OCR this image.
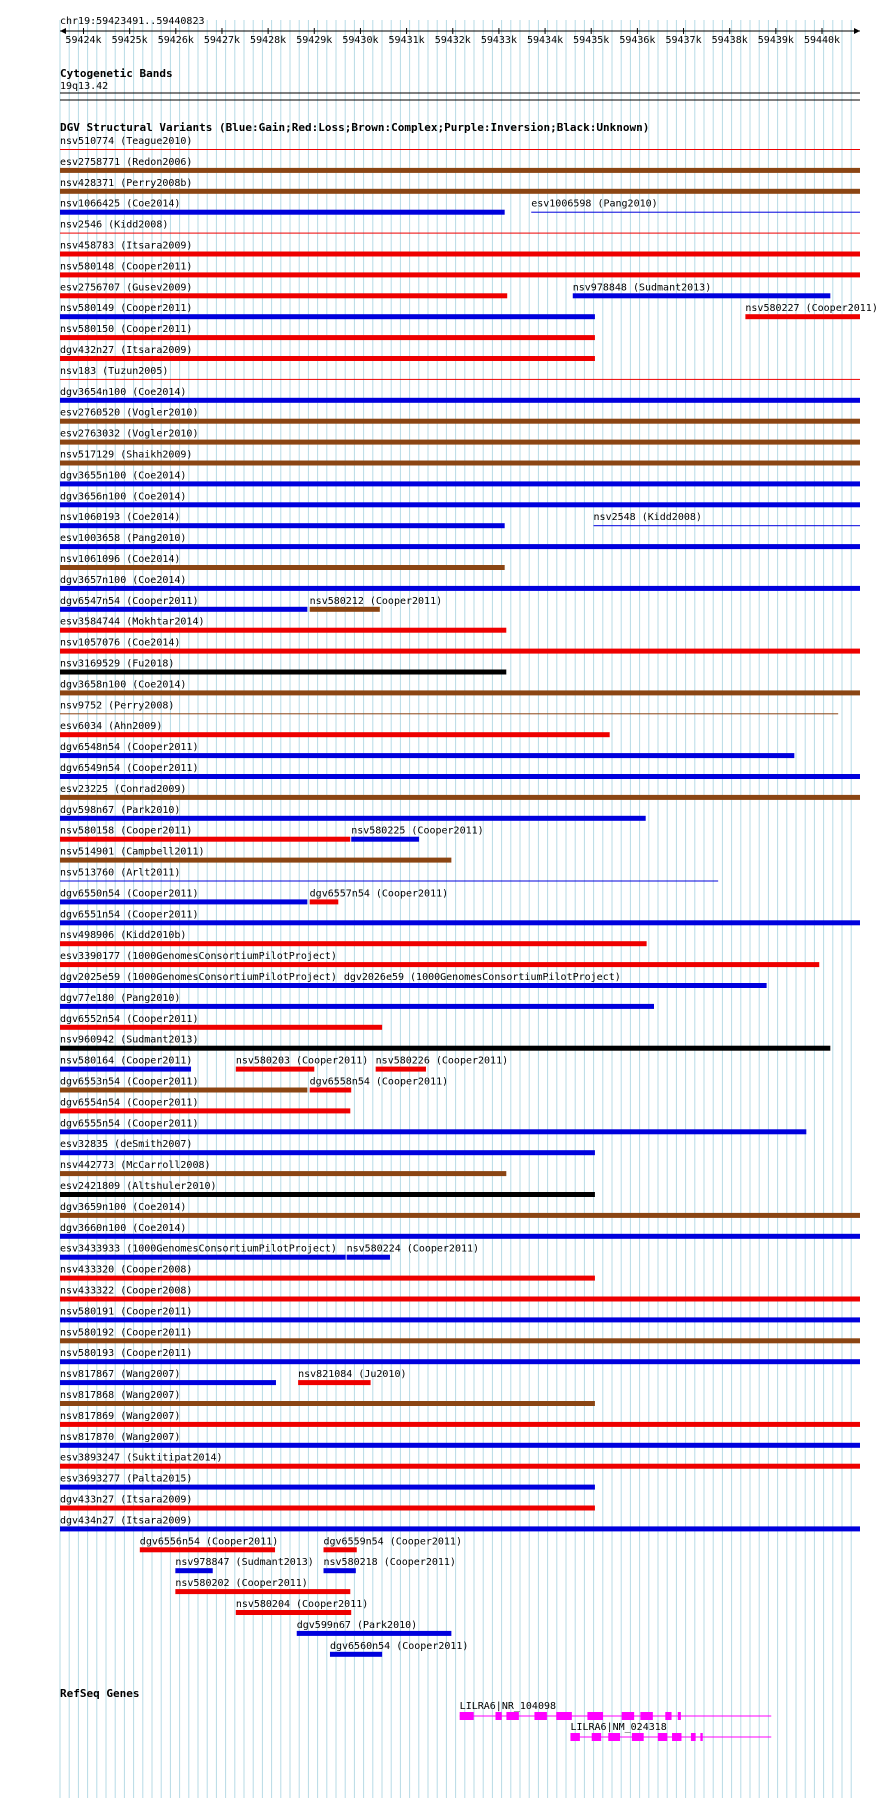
chr19:59423491..59440823
59424k 59425k 59426k 59427k 59428k 59429k 59430k 59431k 59432k 59433k 59434k 59435k 59436k 59437k 59438k 59439k 59440k
Cytogenetic Bands
19q13.42
DGV Structural Variants (Blue:Gain;Red:Loss;Brown:Complex;Purple:Inversion;Black:Unknown)
nsv510774 (Teague2010)
esv2758771 (Redon2006)
nsv428371 (Perry2008b)
nsv1066425 (Coe2014)	esv1006598 (Pang2010)
nsv2546 (Kidd2008)
nsv458783 (Itsara2009)
nsv580148 (Cooper2011)
esv2756707 (Gusev2009)	nsv978848 (Sudmant2013)
nsv580149 (Cooper2011)	nsv580227 (Cooper2011)
nsv580150 (Cooper2011)
dgv432n27 (Itsara2009)
nsv183 (Tuzun2005)
dgv3654n100 (Coe2014)
esv2760520 (Vogler2010)
esv2763032 (Vogler2010)
nsv517129 (Shaikh2009)
dgv3655n100 (Coe2014)
dgv3656n100 (Coe2014)
nsv1060193 (Coe2014)	nsv2548 (Kidd2008)
esv1003658 (Pang2010)
nsv1061096 (Coe2014)
dgv3657n100 (Coe2014)
dgv6547n54 (Cooper2011)	nsv580212 (Cooper2011)
esv3584744 (Mokhtar2014)
nsv1057076 (Coe2014)
nsv3169529 (Fu2018)
dgv3658n100 (Coe2014)
nsv9752 (Perry2008)
esv6034 (Ahn2009)
dgv6548n54 (Cooper2011)
dgv6549n54 (Cooper2011)
esv23225 (Conrad2009)
dgv598n67 (Park2010)
nsv580158 (Cooper2011)	nsv580225 (Cooper2011)
nsv514901 (Campbell2011)
nsv513760 (Arlt2011)
dgv6550n54 (Cooper2011)	dgv6557n54 (Cooper2011)
dgv6551n54 (Cooper2011)
nsv498906 (Kidd2010b)
esv3390177 (1000GenomesConsortiumPilotProject)
dgv2025e59 (1000GenomesConsortiumPilotProject) dgv2026e59 (1000GenomesConsortiumPilotProject)
dgv77e180 (Pang2010)
dgv6552n54 (Cooper2011)
nsv960942 (Sudmant2013)
nsv580164 (Cooper2011)	nsv580203 (Cooper2011) nsv580226 (Cooper2011)
dgv6553n54 (Cooper2011)	dgv6558n54 (Cooper2011)
dgv6554n54 (Cooper2011)
dgv6555n54 (Cooper2011)
esv32835 (deSmith2007)
nsv442773 (McCarroll2008)
esv2421809 (Altshuler2010)
dgv3659n100 (Coe2014)
dgv3660n100 (Coe2014)
esv3433933 (1000GenomesConsortiumPilotProject) nsv580224 (Cooper2011)
nsv433320 (Cooper2008)
nsv433322 (Cooper2008)
nsv580191 (Cooper2011)
nsv580192 (Cooper2011)
nsv580193 (Cooper2011)
nsv817867 (Wang2007)	nsv821084 (Ju2010)
nsv817868 (Wang2007)
nsv817869 (Wang2007)
nsv817870 (Wang2007)
esv3893247 (Suktitipat2014)
esv3693277 (Palta2015)
dgv433n27 (Itsara2009)
dgv434n27 (Itsara2009)
dgv6556n54 (Cooper2011)	dgv6559n54 (Cooper2011)
nsv978847 (Sudmant2013) nsv580218 (Cooper2011)
nsv580202 (Cooper2011)
nsv580204 (Cooper2011)
dgv599n67 (Park2010)
dgv6560n54 (Cooper2011)
RefSeq Genes
LILRA6|NR_104098
LILRA6|NM_024318
